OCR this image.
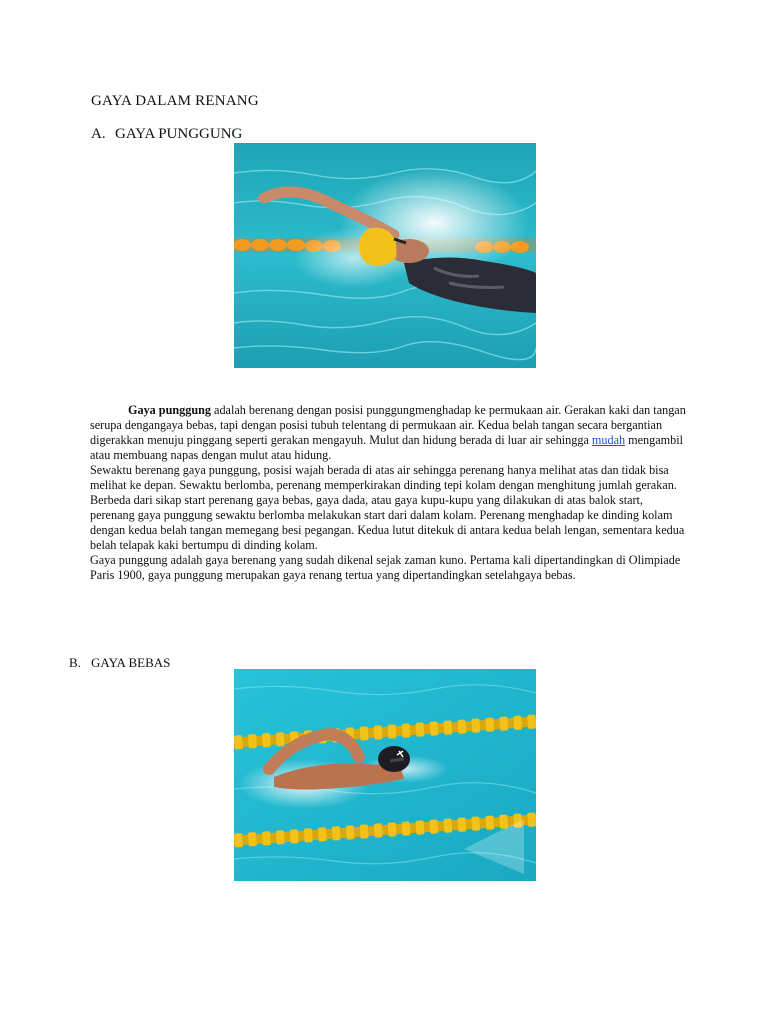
GAYA DALAM RENANG
A. GAYA PUNGGUNG

Gaya punggung adalah berenang dengan posisi punggungmenghadap ke permukaan air. Gerakan kaki dan tangan serupa dengangaya bebas, tapi dengan posisi tubuh telentang di permukaan air. Kedua belah tangan secara bergantian digerakkan menuju pinggang seperti gerakan mengayuh. Mulut dan hidung berada di luar air sehingga mudah mengambil atau membuang napas dengan mulut atau hidung.

Sewaktu berenang gaya punggung, posisi wajah berada di atas air sehingga perenang hanya melihat atas dan tidak bisa melihat ke depan. Sewaktu berlomba, perenang memperkirakan dinding tepi kolam dengan menghitung jumlah gerakan.

Berbeda dari sikap start perenang gaya bebas, gaya dada, atau gaya kupu-kupu yang dilakukan di atas balok start, perenang gaya punggung sewaktu berlomba melakukan start dari dalam kolam. Perenang menghadap ke dinding kolam dengan kedua belah tangan memegang besi pegangan. Kedua lutut ditekuk di antara kedua belah lengan, sementara kedua belah telapak kaki bertumpu di dinding kolam.

Gaya punggung adalah gaya berenang yang sudah dikenal sejak zaman kuno. Pertama kali dipertandingkan di Olimpiade Paris 1900, gaya punggung merupakan gaya renang tertua yang dipertandingkan setelahgaya bebas.

B. GAYA BEBAS
